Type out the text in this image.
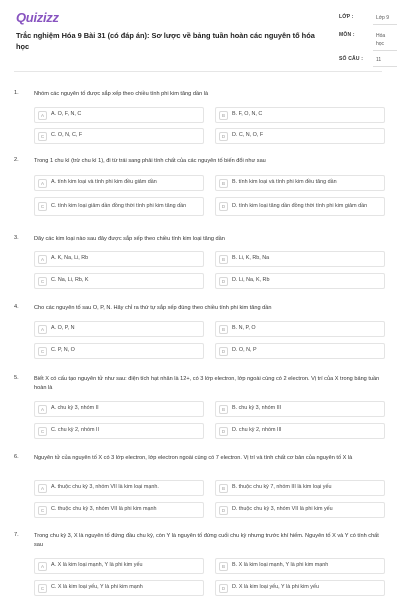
Quizizz
Trắc nghiệm Hóa 9 Bài 31 (có đáp án): Sơ lược về bảng tuần hoàn các nguyên tố hóa học
LỚP :	Lớp 9
MÔN :	Hóa học
SỐ CÂU :	11
1.	Nhóm các nguyên tố được sắp xếp theo chiều tính phi kim tăng dần là
A	A. O, F, N, C	B	B. F, O, N, C
C	C. O, N, C, F	D	D. C, N, O, F
2.	Trong 1 chu kì (trừ chu kì 1), đi từ trái sang phải tính chất của các nguyên tố biến đổi như sau
A	A. tính kim loại và tính phi kim đều giảm dần	B	B. tính kim loại và tính phi kim đều tăng dần
C	C. tính kim loại giảm dần đồng thời tính phi kim tăng dần	D	D. tính kim loại tăng dần đồng thời tính phi kim giảm dần
3.	Dãy các kim loại nào sau đây được sắp xếp theo chiều tính kim loại tăng dần
A	A. K, Na, Li, Rb	B	B. Li, K, Rb, Na
C	C. Na, Li, Rb, K	D	D. Li, Na, K, Rb
4.	Cho các nguyên tố sau O, P, N. Hãy chỉ ra thứ tự sắp xếp đúng theo chiều tính phi kim tăng dần
A	A. O, P, N	B	B. N, P, O
C	C. P, N, O	D	D. O, N, P
5.	Biết X có cấu tạo nguyên tử như sau: điện tích hạt nhân là 12+, có 3 lớp electron, lớp ngoài cùng có 2 electron. Vị trí của X trong bảng tuần hoàn là
A	A. chu kỳ 3, nhóm II	B	B. chu kỳ 3, nhóm III
C	C. chu kỳ 2, nhóm II	D	D. chu kỳ 2, nhóm III
6.	Nguyên tử của nguyên tố X có 3 lớp electron, lớp electron ngoài cùng có 7 electron. Vị trí và tính chất cơ bản của nguyên tố X là
A	A. thuộc chu kỳ 3, nhóm VII là kim loại mạnh.	B	B. thuộc chu kỳ 7, nhóm III là kim loại yếu
C	C. thuộc chu kỳ 3, nhóm VII là phi kim mạnh	D	D. thuộc chu kỳ 3, nhóm VII là phi kim yếu
7.	Trong chu kỳ 3, X là nguyên tố đứng đầu chu kỳ, còn Y là nguyên tố đứng cuối chu kỳ nhưng trước khí hiếm. Nguyên tố X và Y có tính chất sau
A	A. X là kim loại mạnh, Y là phi kim yếu	B	B. X là kim loại mạnh, Y là phi kim mạnh
C	C. X là kim loại yếu, Y là phi kim mạnh	D	D. X là kim loại yếu, Y là phi kim yếu
